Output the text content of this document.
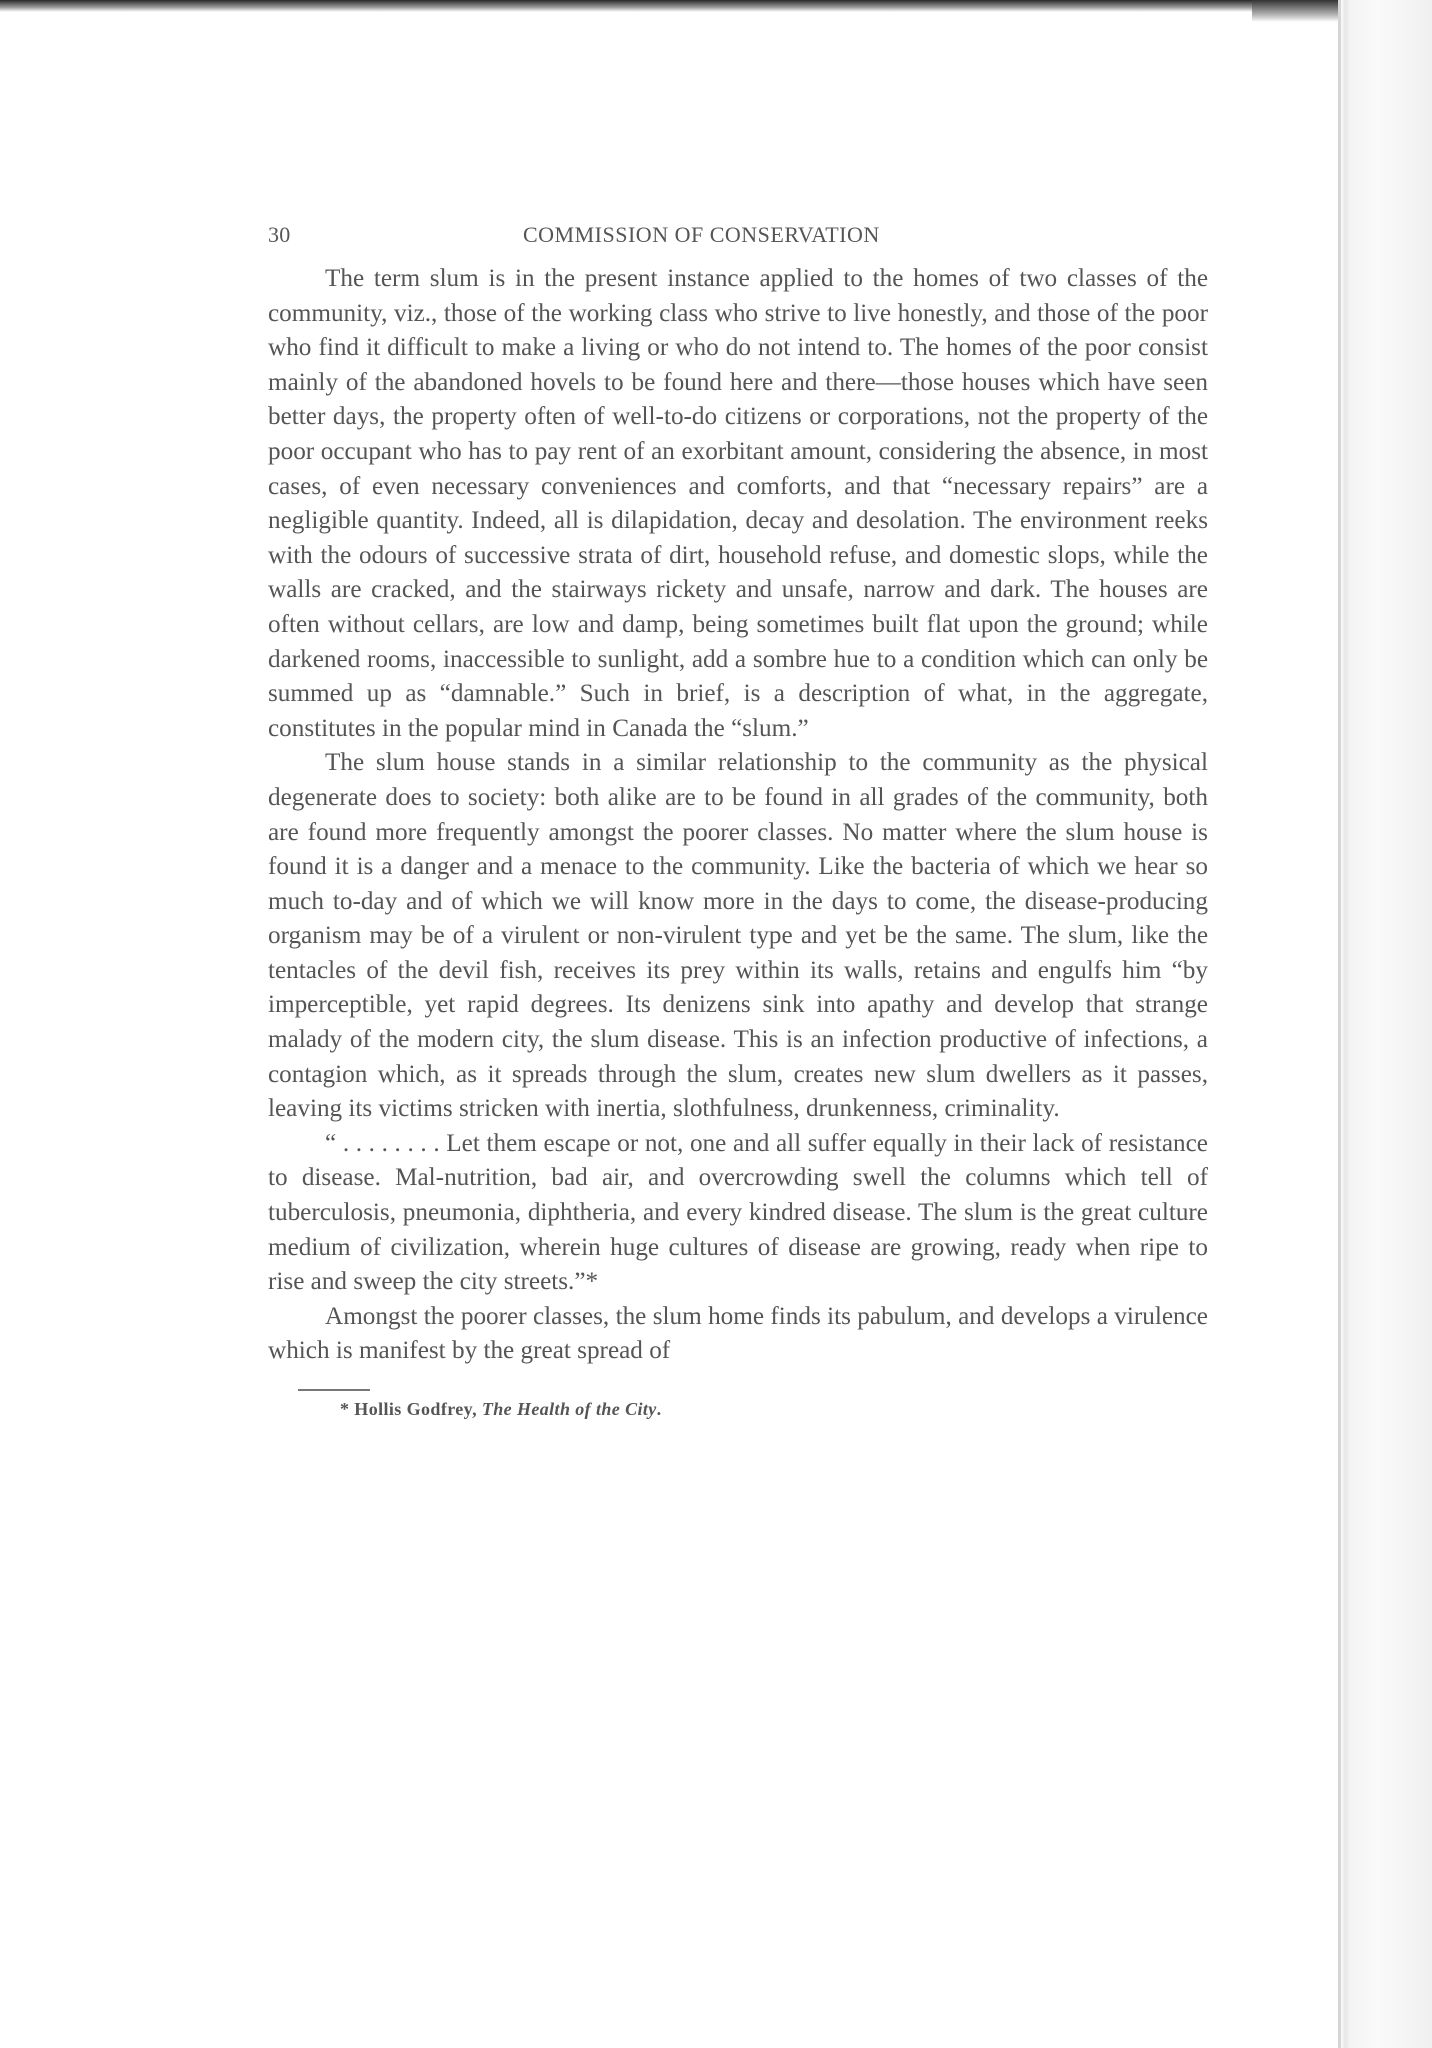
30	COMMISSION OF CONSERVATION

The term slum is in the present instance applied to the homes of two classes of the community, viz., those of the working class who strive to live honestly, and those of the poor who find it difficult to make a living or who do not intend to. The homes of the poor consist mainly of the abandoned hovels to be found here and there—those houses which have seen better days, the property often of well-to-do citizens or corporations, not the property of the poor occupant who has to pay rent of an exorbitant amount, considering the absence, in most cases, of even necessary conveniences and comforts, and that “necessary repairs” are a negligible quantity. Indeed, all is dilapidation, decay and desolation. The environment reeks with the odours of successive strata of dirt, household refuse, and domestic slops, while the walls are cracked, and the stairways rickety and unsafe, narrow and dark. The houses are often without cellars, are low and damp, being sometimes built flat upon the ground; while darkened rooms, inaccessible to sunlight, add a sombre hue to a condition which can only be summed up as “damnable.” Such in brief, is a description of what, in the aggregate, constitutes in the popular mind in Canada the “slum.”

The slum house stands in a similar relationship to the community as the physical degenerate does to society: both alike are to be found in all grades of the community, both are found more frequently amongst the poorer classes. No matter where the slum house is found it is a danger and a menace to the community. Like the bacteria of which we hear so much to-day and of which we will know more in the days to come, the disease-producing organism may be of a virulent or non-virulent type and yet be the same. The slum, like the tentacles of the devil fish, receives its prey within its walls, retains and engulfs him “by imperceptible, yet rapid degrees. Its denizens sink into apathy and develop that strange malady of the modern city, the slum disease. This is an infection productive of infections, a contagion which, as it spreads through the slum, creates new slum dwellers as it passes, leaving its victims stricken with inertia, slothfulness, drunkenness, criminality.

“ . . . . . . . . Let them escape or not, one and all suffer equally in their lack of resistance to disease. Mal-nutrition, bad air, and overcrowding swell the columns which tell of tuberculosis, pneumonia, diphtheria, and every kindred disease. The slum is the great culture medium of civilization, wherein huge cultures of disease are growing, ready when ripe to rise and sweep the city streets.”*

Amongst the poorer classes, the slum home finds its pabulum, and develops a virulence which is manifest by the great spread of

* Hollis Godfrey, The Health of the City.
